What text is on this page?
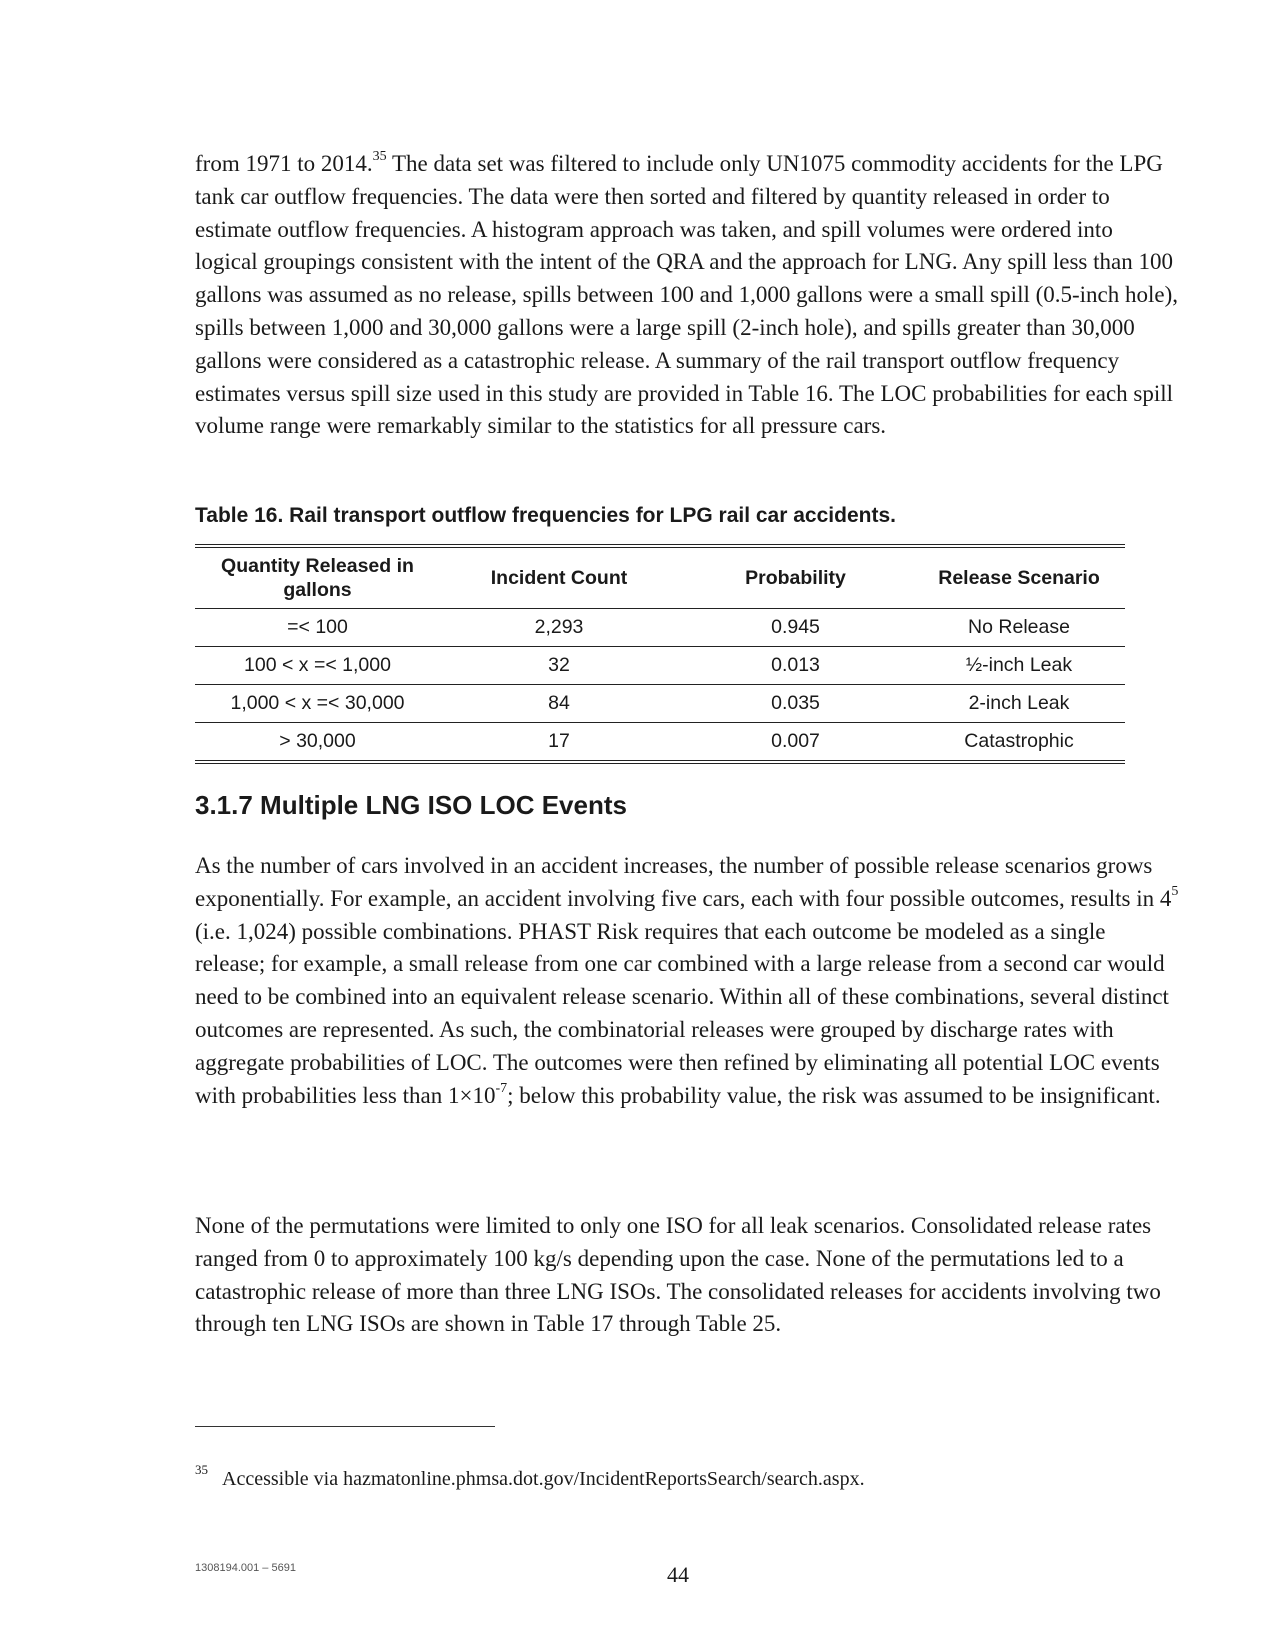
from 1971 to 2014.35 The data set was filtered to include only UN1075 commodity accidents for the LPG tank car outflow frequencies. The data were then sorted and filtered by quantity released in order to estimate outflow frequencies. A histogram approach was taken, and spill volumes were ordered into logical groupings consistent with the intent of the QRA and the approach for LNG. Any spill less than 100 gallons was assumed as no release, spills between 100 and 1,000 gallons were a small spill (0.5-inch hole), spills between 1,000 and 30,000 gallons were a large spill (2-inch hole), and spills greater than 30,000 gallons were considered as a catastrophic release. A summary of the rail transport outflow frequency estimates versus spill size used in this study are provided in Table 16. The LOC probabilities for each spill volume range were remarkably similar to the statistics for all pressure cars.

Table 16. Rail transport outflow frequencies for LPG rail car accidents.

Quantity Released in gallons	Incident Count	Probability	Release Scenario
=< 100	2,293	0.945	No Release
100 < x =< 1,000	32	0.013	½-inch Leak
1,000 < x =< 30,000	84	0.035	2-inch Leak
> 30,000	17	0.007	Catastrophic
3.1.7 Multiple LNG ISO LOC Events

As the number of cars involved in an accident increases, the number of possible release scenarios grows exponentially. For example, an accident involving five cars, each with four possible outcomes, results in $4^5$ (i.e. 1,024) possible combinations. PHAST Risk requires that each outcome be modeled as a single release; for example, a small release from one car combined with a large release from a second car would need to be combined into an equivalent release scenario. Within all of these combinations, several distinct outcomes are represented. As such, the combinatorial releases were grouped by discharge rates with aggregate probabilities of LOC. The outcomes were then refined by eliminating all potential LOC events with probabilities less than $1\times 10^{-7}$; below this probability value, the risk was assumed to be insignificant.

None of the permutations were limited to only one ISO for all leak scenarios. Consolidated release rates ranged from 0 to approximately 100 kg/s depending upon the case. None of the permutations led to a catastrophic release of more than three LNG ISOs. The consolidated releases for accidents involving two through ten LNG ISOs are shown in Table 17 through Table 25.

$^{35}$ Accessible via hazmatonline.phmsa.dot.gov/IncidentReportsSearch/search.aspx.

1308194.001 – 5691	44
